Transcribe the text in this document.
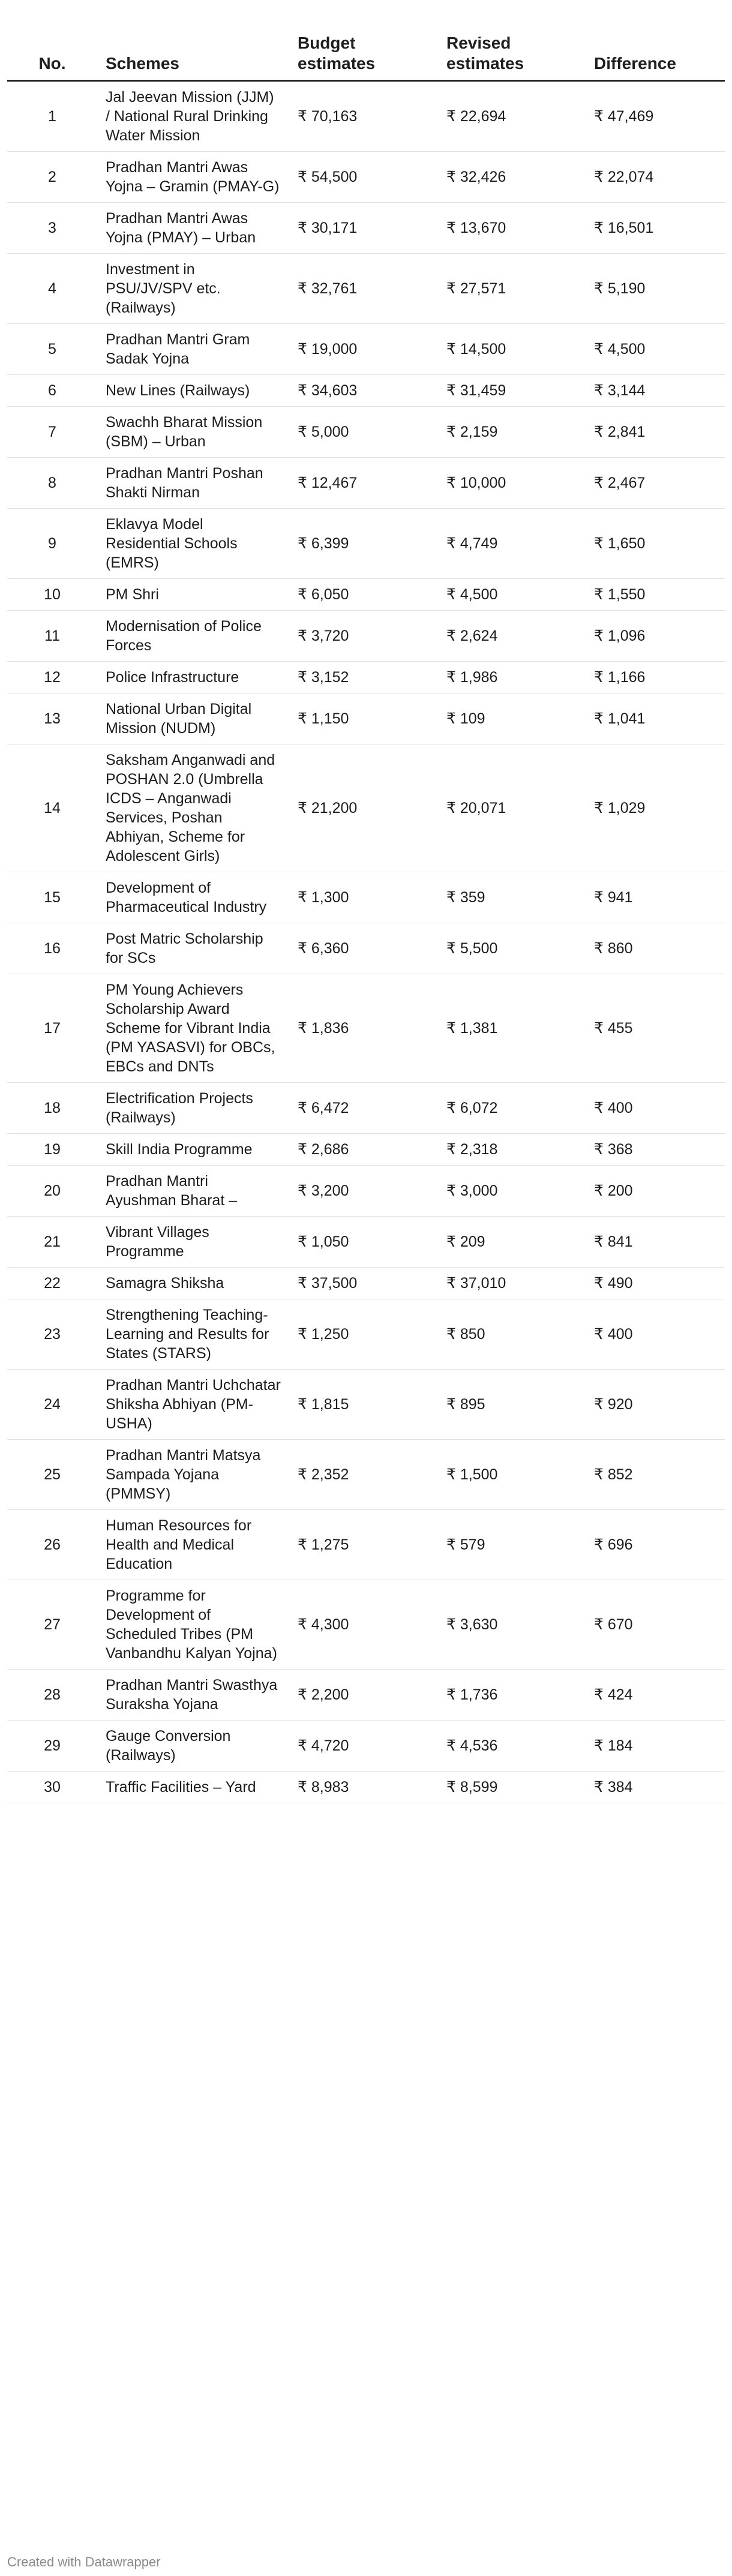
No.	Schemes	Budget estimates	Revised estimates	Difference
1	Jal Jeevan Mission (JJM) / National Rural Drinking Water Mission	₹ 70,163	₹ 22,694	₹ 47,469
2	Pradhan Mantri Awas Yojna – Gramin (PMAY-G)	₹ 54,500	₹ 32,426	₹ 22,074
3	Pradhan Mantri Awas Yojna (PMAY) – Urban	₹ 30,171	₹ 13,670	₹ 16,501
4	Investment in PSU/JV/SPV etc. (Railways)	₹ 32,761	₹ 27,571	₹ 5,190
5	Pradhan Mantri Gram Sadak Yojna	₹ 19,000	₹ 14,500	₹ 4,500
6	New Lines (Railways)	₹ 34,603	₹ 31,459	₹ 3,144
7	Swachh Bharat Mission (SBM) – Urban	₹ 5,000	₹ 2,159	₹ 2,841
8	Pradhan Mantri Poshan Shakti Nirman	₹ 12,467	₹ 10,000	₹ 2,467
9	Eklavya Model Residential Schools (EMRS)	₹ 6,399	₹ 4,749	₹ 1,650
10	PM Shri	₹ 6,050	₹ 4,500	₹ 1,550
11	Modernisation of Police Forces	₹ 3,720	₹ 2,624	₹ 1,096
12	Police Infrastructure	₹ 3,152	₹ 1,986	₹ 1,166
13	National Urban Digital Mission (NUDM)	₹ 1,150	₹ 109	₹ 1,041
14	Saksham Anganwadi and POSHAN 2.0 (Umbrella ICDS – Anganwadi Services, Poshan Abhiyan, Scheme for Adolescent Girls)	₹ 21,200	₹ 20,071	₹ 1,029
15	Development of Pharmaceutical Industry	₹ 1,300	₹ 359	₹ 941
16	Post Matric Scholarship for SCs	₹ 6,360	₹ 5,500	₹ 860
17	PM Young Achievers Scholarship Award Scheme for Vibrant India (PM YASASVI) for OBCs, EBCs and DNTs	₹ 1,836	₹ 1,381	₹ 455
18	Electrification Projects (Railways)	₹ 6,472	₹ 6,072	₹ 400
19	Skill India Programme	₹ 2,686	₹ 2,318	₹ 368
20	Pradhan Mantri Ayushman Bharat –	₹ 3,200	₹ 3,000	₹ 200
21	Vibrant Villages Programme	₹ 1,050	₹ 209	₹ 841
22	Samagra Shiksha	₹ 37,500	₹ 37,010	₹ 490
23	Strengthening Teaching-Learning and Results for States (STARS)	₹ 1,250	₹ 850	₹ 400
24	Pradhan Mantri Uchchatar Shiksha Abhiyan (PM-USHA)	₹ 1,815	₹ 895	₹ 920
25	Pradhan Mantri Matsya Sampada Yojana (PMMSY)	₹ 2,352	₹ 1,500	₹ 852
26	Human Resources for Health and Medical Education	₹ 1,275	₹ 579	₹ 696
27	Programme for Development of Scheduled Tribes (PM Vanbandhu Kalyan Yojna)	₹ 4,300	₹ 3,630	₹ 670
28	Pradhan Mantri Swasthya Suraksha Yojana	₹ 2,200	₹ 1,736	₹ 424
29	Gauge Conversion (Railways)	₹ 4,720	₹ 4,536	₹ 184
30	Traffic Facilities – Yard	₹ 8,983	₹ 8,599	₹ 384
Created with Datawrapper
